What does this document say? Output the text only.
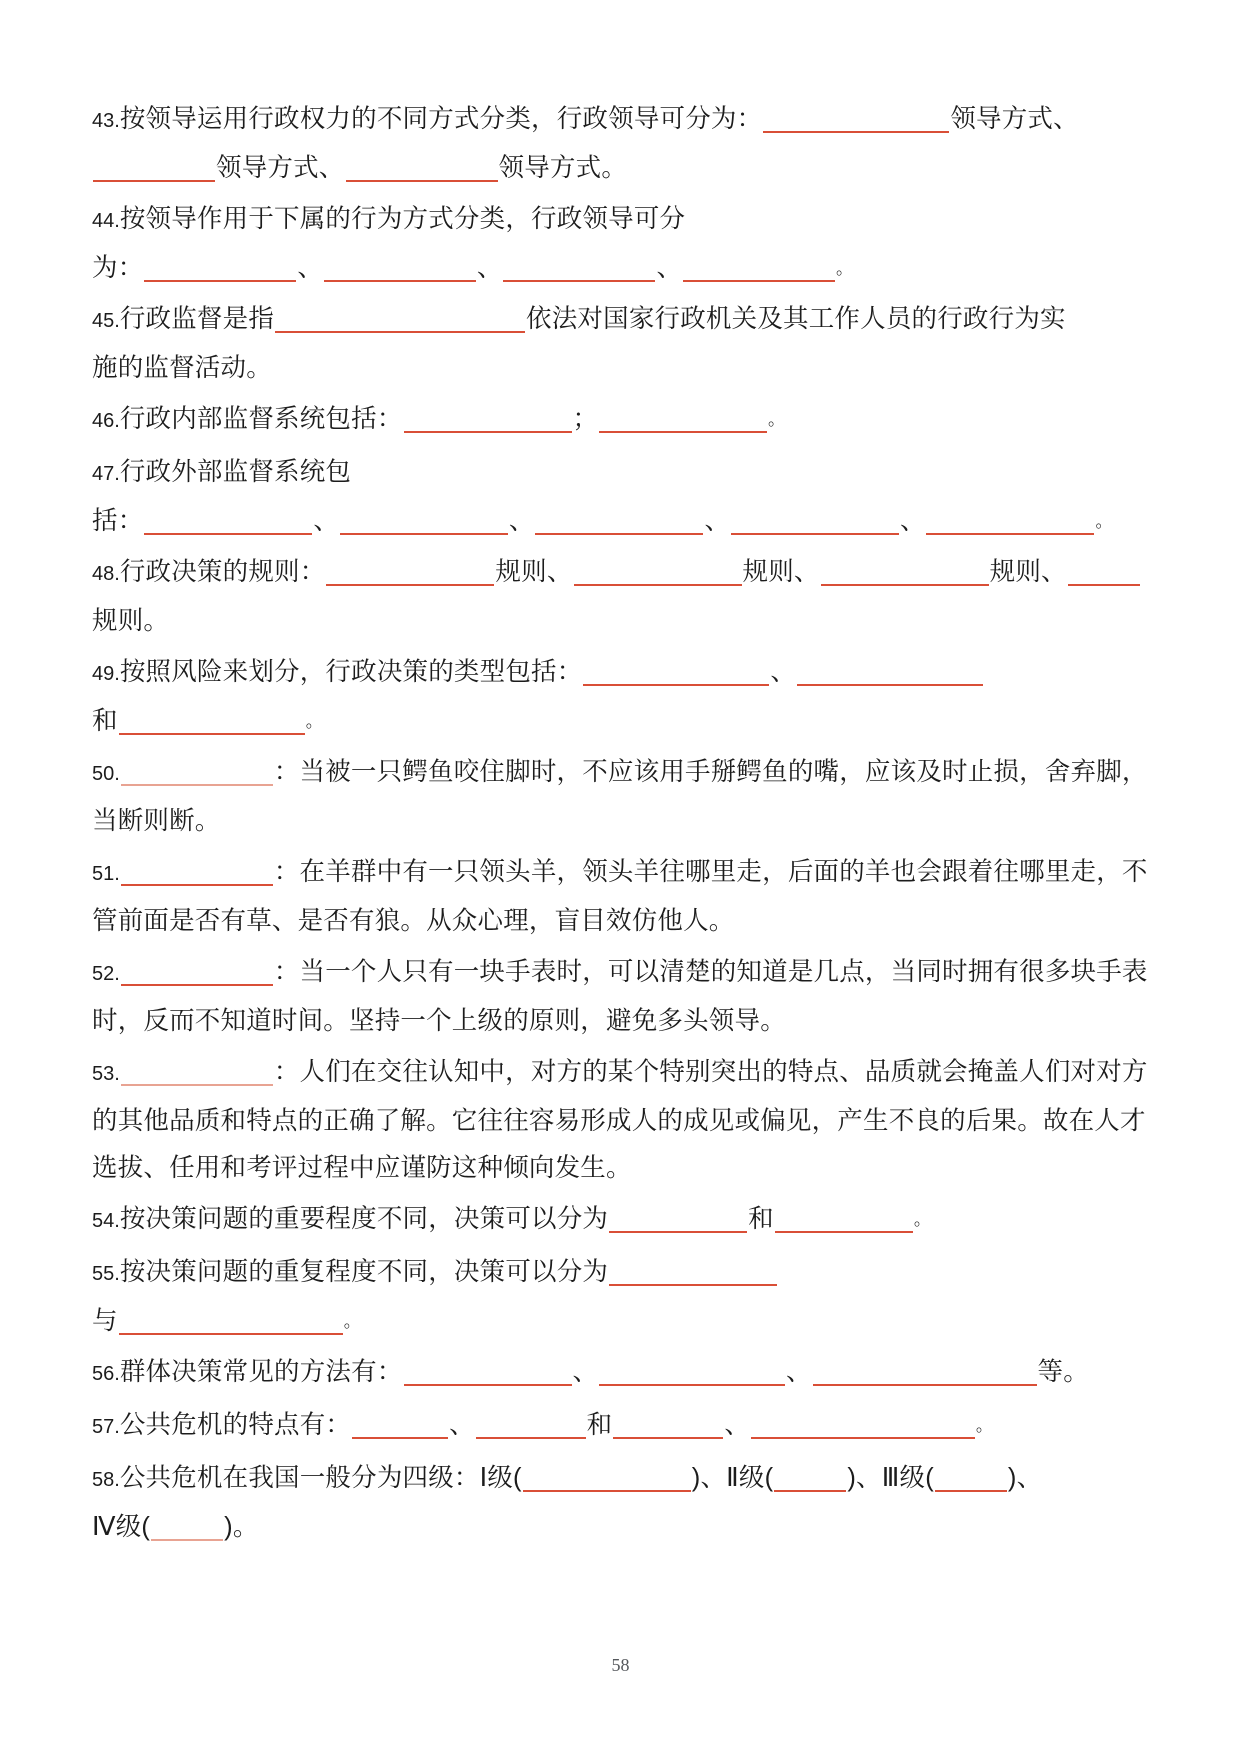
43.按领导运用行政权力的不同方式分类，行政领导可分为：	领导方式、领导方式、	领导方式。

44.按领导作用于下属的行为方式分类，行政领导可分
为：	、	、	、	。

45.行政监督是指	依法对国家行政机关及其工作人员的行政行为实
施的监督活动。

46.行政内部监督系统包括：	；	。

47.行政外部监督系统包
括：	、	、	、	、	。

48.行政决策的规则：	规则、	规则、	规则、
规则。

49.按照风险来划分，行政决策的类型包括：	、
和	。

50.	：当被一只鳄鱼咬住脚时，不应该用手掰鳄鱼的嘴，应该及时止损，舍弃脚，当断则断。

51.	：在羊群中有一只领头羊，领头羊往哪里走，后面的羊也会跟着往哪里走，不管前面是否有草、是否有狼。从众心理，盲目效仿他人。

52.	：当一个人只有一块手表时，可以清楚的知道是几点，当同时拥有很多块手表时，反而不知道时间。坚持一个上级的原则，避免多头领导。

53.	：人们在交往认知中，对方的某个特别突出的特点、品质就会掩盖人们对对方的其他品质和特点的正确了解。它往往容易形成人的成见或偏见，产生不良的后果。故在人才选拔、任用和考评过程中应谨防这种倾向发生。

54.按决策问题的重要程度不同，决策可以分为	和	。

55.按决策问题的重复程度不同，决策可以分为
与	。

56.群体决策常见的方法有：	、	、	等。

57.公共危机的特点有：	、	和	、	。

58.公共危机在我国一般分为四级：Ⅰ级(	)、Ⅱ级(	)、Ⅲ级(	)、
Ⅳ级(	)。

58
